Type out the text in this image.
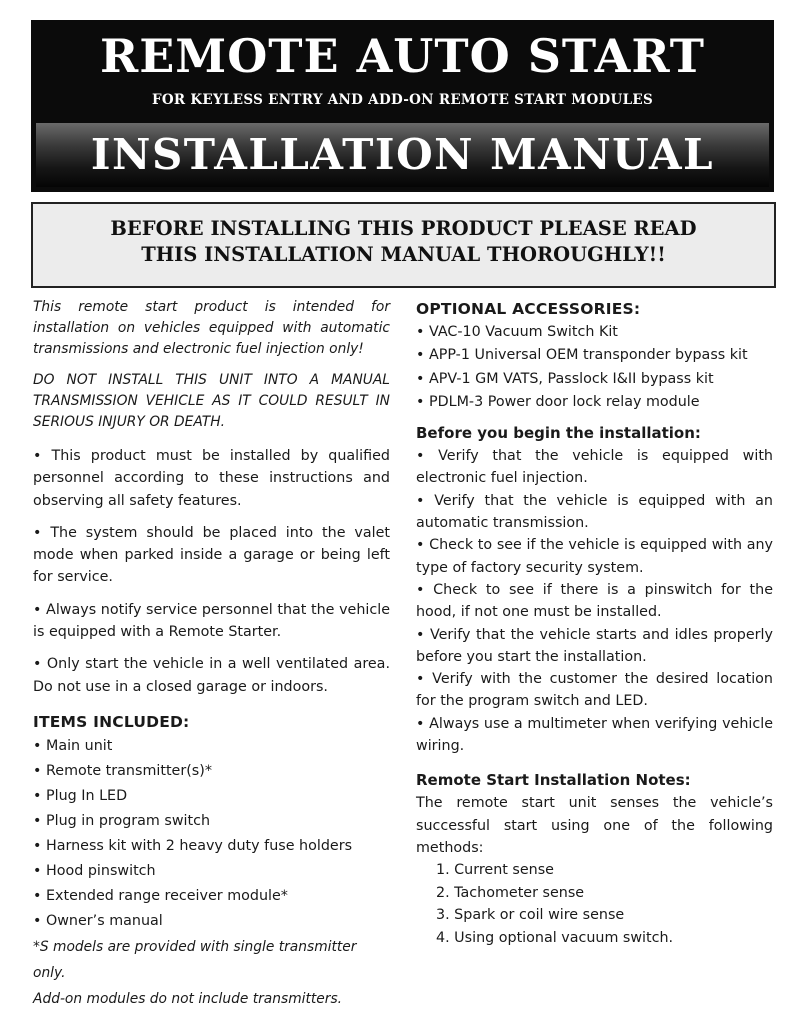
REMOTE AUTO START
FOR KEYLESS ENTRY AND ADD-ON REMOTE START MODULES
INSTALLATION MANUAL
BEFORE INSTALLING THIS PRODUCT PLEASE READ
THIS INSTALLATION MANUAL THOROUGHLY!!

This remote start product is intended for installation on vehicles equipped with automatic transmissions and electronic fuel injection only!

DO NOT INSTALL THIS UNIT INTO A MANUAL TRANSMISSION VEHICLE AS IT COULD RESULT IN SERIOUS INJURY OR DEATH.

• This product must be installed by qualified personnel according to these instructions and observing all safety features.

• The system should be placed into the valet mode when parked inside a garage or being left for service.

• Always notify service personnel that the vehicle is equipped with a Remote Starter.

• Only start the vehicle in a well ventilated area. Do not use in a closed garage or indoors.

ITEMS INCLUDED:

• Main unit

• Remote transmitter(s)*

• Plug In LED

• Plug in program switch

• Harness kit with 2 heavy duty fuse holders

• Hood pinswitch

• Extended range receiver module*

• Owner’s manual

*S models are provided with single transmitter only.

Add-on modules do not include transmitters.

OPTIONAL ACCESSORIES:

• VAC-10 Vacuum Switch Kit

• APP-1 Universal OEM transponder bypass kit

• APV-1 GM VATS, Passlock I&II bypass kit

• PDLM-3 Power door lock relay module

Before you begin the installation:

• Verify that the vehicle is equipped with electronic fuel injection.

• Verify that the vehicle is equipped with an automatic transmission.

• Check to see if the vehicle is equipped with any type of factory security system.

• Check to see if there is a pinswitch for the hood, if not one must be installed.

• Verify that the vehicle starts and idles properly before you start the installation.

• Verify with the customer the desired location for the program switch and LED.

• Always use a multimeter when verifying vehicle wiring.

Remote Start Installation Notes:

The remote start unit senses the vehicle’s successful start using one of the following methods:

1. Current sense

2. Tachometer sense

3. Spark or coil wire sense

4. Using optional vacuum switch.
